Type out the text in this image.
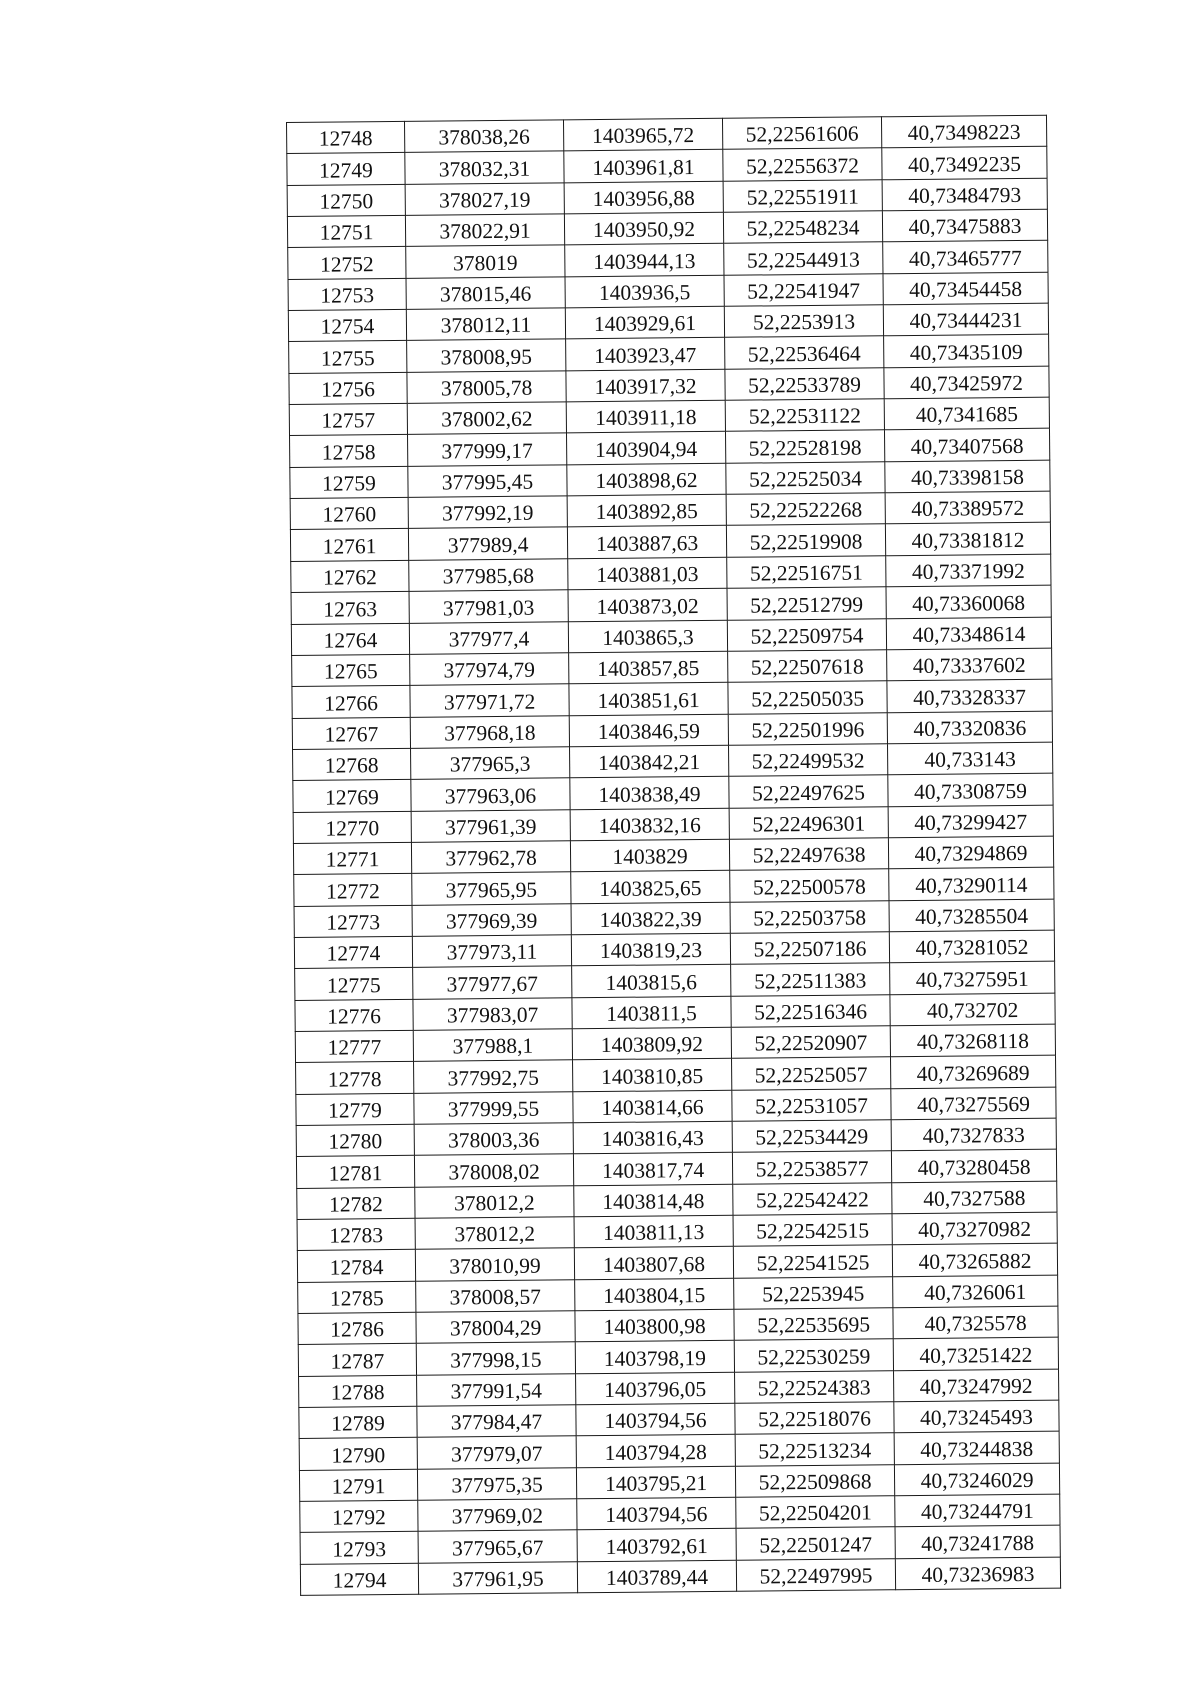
12748	378038,26	1403965,72	52,22561606	40,73498223
12749	378032,31	1403961,81	52,22556372	40,73492235
12750	378027,19	1403956,88	52,22551911	40,73484793
12751	378022,91	1403950,92	52,22548234	40,73475883
12752	378019	1403944,13	52,22544913	40,73465777
12753	378015,46	1403936,5	52,22541947	40,73454458
12754	378012,11	1403929,61	52,2253913	40,73444231
12755	378008,95	1403923,47	52,22536464	40,73435109
12756	378005,78	1403917,32	52,22533789	40,73425972
12757	378002,62	1403911,18	52,22531122	40,7341685
12758	377999,17	1403904,94	52,22528198	40,73407568
12759	377995,45	1403898,62	52,22525034	40,73398158
12760	377992,19	1403892,85	52,22522268	40,73389572
12761	377989,4	1403887,63	52,22519908	40,73381812
12762	377985,68	1403881,03	52,22516751	40,73371992
12763	377981,03	1403873,02	52,22512799	40,73360068
12764	377977,4	1403865,3	52,22509754	40,73348614
12765	377974,79	1403857,85	52,22507618	40,73337602
12766	377971,72	1403851,61	52,22505035	40,73328337
12767	377968,18	1403846,59	52,22501996	40,73320836
12768	377965,3	1403842,21	52,22499532	40,733143
12769	377963,06	1403838,49	52,22497625	40,73308759
12770	377961,39	1403832,16	52,22496301	40,73299427
12771	377962,78	1403829	52,22497638	40,73294869
12772	377965,95	1403825,65	52,22500578	40,73290114
12773	377969,39	1403822,39	52,22503758	40,73285504
12774	377973,11	1403819,23	52,22507186	40,73281052
12775	377977,67	1403815,6	52,22511383	40,73275951
12776	377983,07	1403811,5	52,22516346	40,732702
12777	377988,1	1403809,92	52,22520907	40,73268118
12778	377992,75	1403810,85	52,22525057	40,73269689
12779	377999,55	1403814,66	52,22531057	40,73275569
12780	378003,36	1403816,43	52,22534429	40,7327833
12781	378008,02	1403817,74	52,22538577	40,73280458
12782	378012,2	1403814,48	52,22542422	40,7327588
12783	378012,2	1403811,13	52,22542515	40,73270982
12784	378010,99	1403807,68	52,22541525	40,73265882
12785	378008,57	1403804,15	52,2253945	40,7326061
12786	378004,29	1403800,98	52,22535695	40,7325578
12787	377998,15	1403798,19	52,22530259	40,73251422
12788	377991,54	1403796,05	52,22524383	40,73247992
12789	377984,47	1403794,56	52,22518076	40,73245493
12790	377979,07	1403794,28	52,22513234	40,73244838
12791	377975,35	1403795,21	52,22509868	40,73246029
12792	377969,02	1403794,56	52,22504201	40,73244791
12793	377965,67	1403792,61	52,22501247	40,73241788
12794	377961,95	1403789,44	52,22497995	40,73236983
